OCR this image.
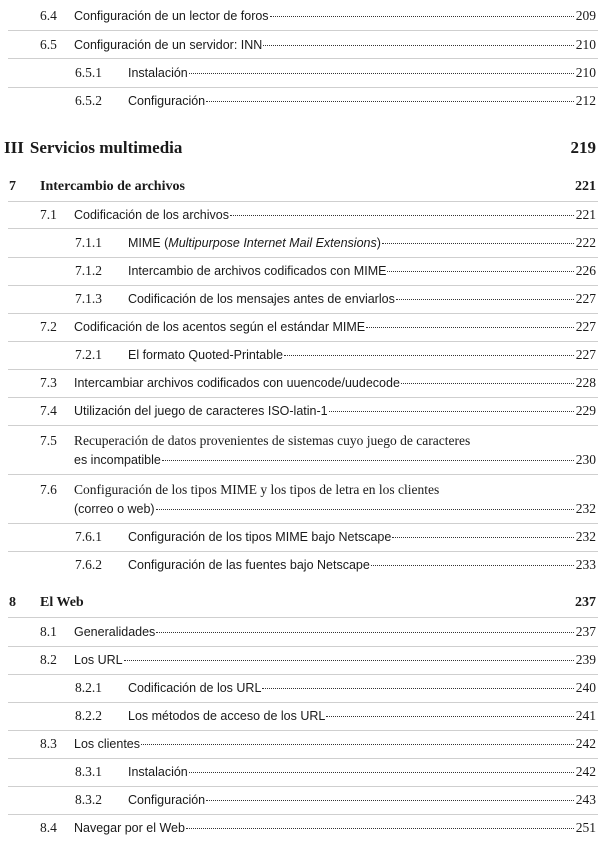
6.4 Configuración de un lector de foros	209
6.5 Configuración de un servidor: INN	210
6.5.1 Instalación	210
6.5.2 Configuración	212
III Servicios multimedia	219
7 Intercambio de archivos	221
7.1 Codificación de los archivos	221
7.1.1 MIME (Multipurpose Internet Mail Extensions)	222
7.1.2 Intercambio de archivos codificados con MIME	226
7.1.3 Codificación de los mensajes antes de enviarlos	227
7.2 Codificación de los acentos según el estándar MIME	227
7.2.1 El formato Quoted-Printable	227
7.3 Intercambiar archivos codificados con uuencode/uudecode	228
7.4 Utilización del juego de caracteres ISO-latin-1	229
7.5 Recuperación de datos provenientes de sistemas cuyo juego de caracteres
es incompatible	230
7.6 Configuración de los tipos MIME y los tipos de letra en los clientes
(correo o web)	232
7.6.1 Configuración de los tipos MIME bajo Netscape	232
7.6.2 Configuración de las fuentes bajo Netscape	233
8 El Web	237
8.1 Generalidades	237
8.2 Los URL	239
8.2.1 Codificación de los URL	240
8.2.2 Los métodos de acceso de los URL	241
8.3 Los clientes	242
8.3.1 Instalación	242
8.3.2 Configuración	243
8.4 Navegar por el Web	251
